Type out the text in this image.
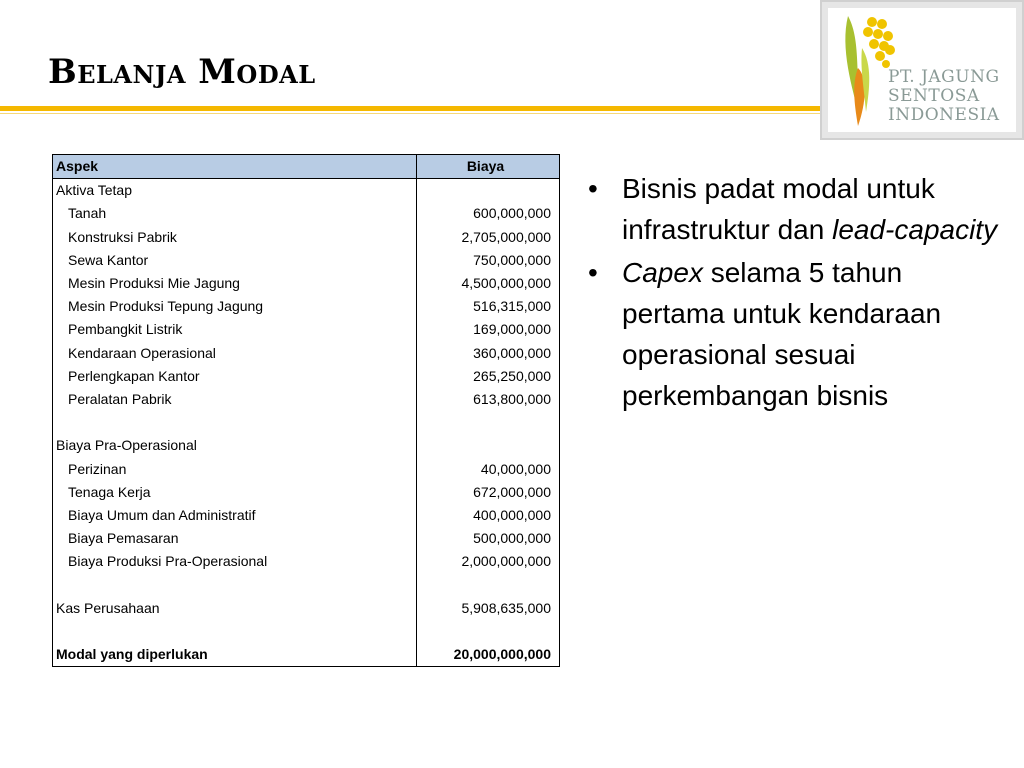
Belanja Modal	PT. JAGUNG
SENTOSA
INDONESIA
Aspek	Biaya
Aktiva Tetap	
Tanah	600,000,000
Konstruksi Pabrik	2,705,000,000
Sewa Kantor	750,000,000
Mesin Produksi Mie Jagung	4,500,000,000
Mesin Produksi Tepung Jagung	516,315,000
Pembangkit Listrik	169,000,000
Kendaraan Operasional	360,000,000
Perlengkapan Kantor	265,250,000
Peralatan Pabrik	613,800,000

Biaya Pra-Operasional	
Perizinan	40,000,000
Tenaga Kerja	672,000,000
Biaya Umum dan Administratif	400,000,000
Biaya Pemasaran	500,000,000
Biaya Produksi Pra-Operasional	2,000,000,000

Kas Perusahaan	5,908,635,000

Modal yang diperlukan	20,000,000,000
• Bisnis padat modal untuk infrastruktur dan lead-capacity
• Capex selama 5 tahun pertama untuk kendaraan operasional sesuai perkembangan bisnis
